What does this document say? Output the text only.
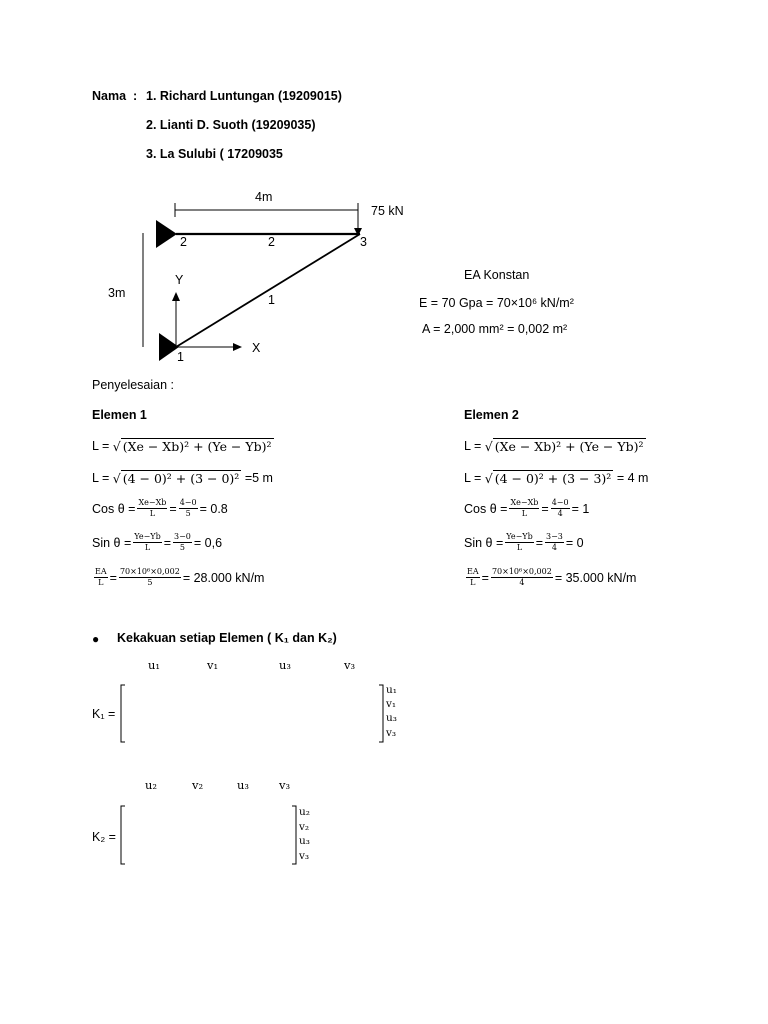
Nama  : 1. Richard Luntungan (19209015)
2. Lianti D. Suoth (19209035)
3. La Sulubi ( 17209035
4m
3m
75 kN
2	2	3
1
1
Y
X
EA Konstan
E = 70 Gpa = 70×10⁶ kN/m²
A = 2,000 mm² = 0,002 m²
Penyelesaian :
Elemen 1
L =
√ (Xe − Xb)² + (Ye − Yb)²
L =
√ (4 − 0)² + (3 − 0)²
=5 m
Cos $\theta = \frac{Xe-Xb}{L} = \frac{4-0}{5} = 0.8$
Sin $\theta = \frac{Ye-Yb}{L} = \frac{3-0}{5} = 0,6$
$\frac{EA}{L} = \frac{\text{70×10⁶×0,002}}{5} = 28.000$ kN/m
Elemen 2
L =
√ (Xe − Xb)² + (Ye − Yb)²
L =
√ (4 − 0)² + (3 − 3)²
= 4 m
Cos $\theta = \frac{Xe-Xb}{L} = \frac{4-0}{4} = 1$
Sin $\theta = \frac{Ye-Yb}{L} = \frac{3-3}{4} = 0$
$\frac{EA}{L} = \frac{\text{70×10⁶×0,002}}{4} = 35.000$ kN/m
● Kekakuan setiap Elemen ( K₁ dan K₂)
u₁	v₁	u₃	v₃
K₁ =
u₁
v₁
u₃
v₃
u₂	v₂	u₃	v₃
K₂ =
u₂
v₂
u₃
v₃
